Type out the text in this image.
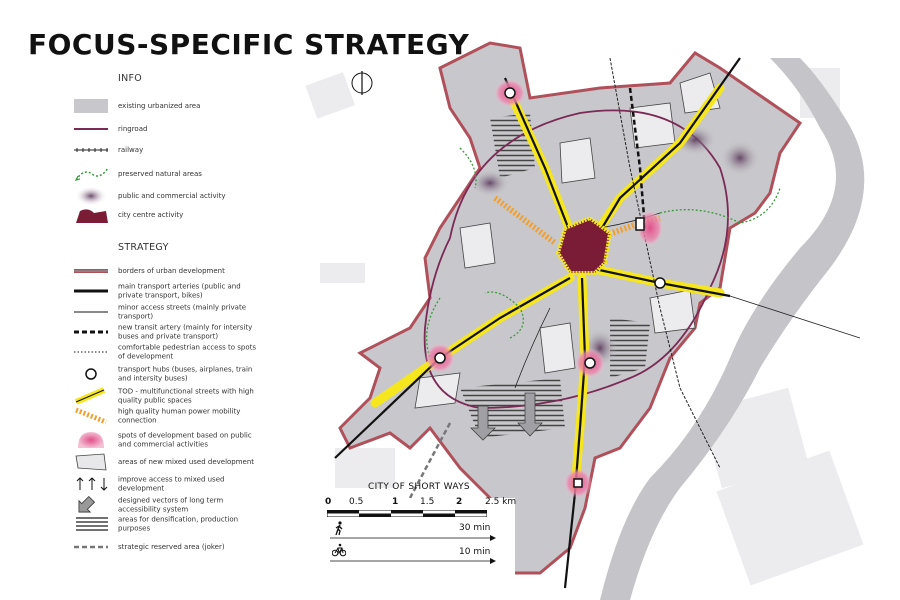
FOCUS-SPECIFIC STRATEGY
INFO
existing urbanized area
ringroad
railway
preserved natural areas
public and commercial activity
city centre activity
STRATEGY
borders of urban development
main transport arteries (public and private transport, bikes)
minor access streets (mainly private transport)
new transit artery (mainly for intersity buses and private transport)
comfortable pedestrian access to spots of development
transport hubs (buses, airplanes, train and intersity buses)
TOD - multifunctional streets with high quality public spaces
high quality human power mobility connection
spots of development based on public and commercial activities
areas of new mixed used development
improve access to mixed used development
designed vectors of long term accessibility system
areas for densification, production purposes
strategic reserved area (joker)
CITY OF SHORT WAYS
0 0.5	1 1.5 2	2.5 km
30 min
10 min
